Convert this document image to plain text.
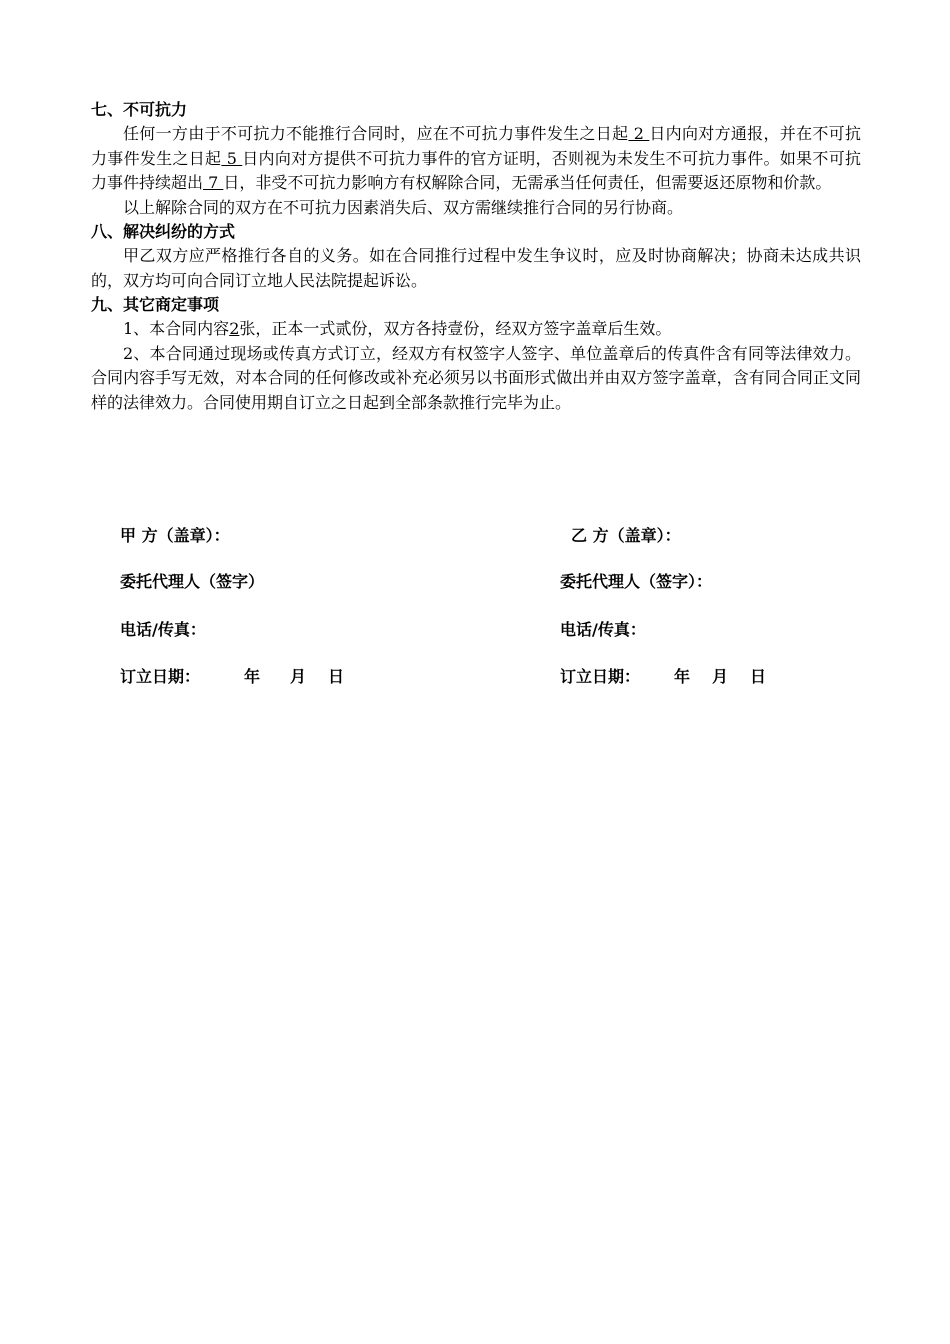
七、不可抗力

任何一方由于不可抗力不能推行合同时，应在不可抗力事件发生之日起 2 日内向对方通报，并在不可抗力事件发生之日起 5 日内向对方提供不可抗力事件的官方证明，否则视为未发生不可抗力事件。如果不可抗力事件持续超出 7 日，非受不可抗力影响方有权解除合同，无需承当任何责任，但需要返还原物和价款。

以上解除合同的双方在不可抗力因素消失后、双方需继续推行合同的另行协商。

八、解决纠纷的方式

甲乙双方应严格推行各自的义务。如在合同推行过程中发生争议时，应及时协商解决；协商未达成共识的，双方均可向合同订立地人民法院提起诉讼。

九、其它商定事项

1、本合同内容2张，正本一式贰份，双方各持壹份，经双方签字盖章后生效。

2、本合同通过现场或传真方式订立，经双方有权签字人签字、单位盖章后的传真件含有同等法律效力。合同内容手写无效，对本合同的任何修改或补充必须另以书面形式做出并由双方签字盖章，含有同合同正文同样的法律效力。合同使用期自订立之日起到全部条款推行完毕为止。

甲 方（盖章）：
委托代理人（签字）
电话/传真：
订立日期：	年 月 日
乙 方（盖章）：
委托代理人（签字）：
电话/传真：
订立日期： 年 月 日
